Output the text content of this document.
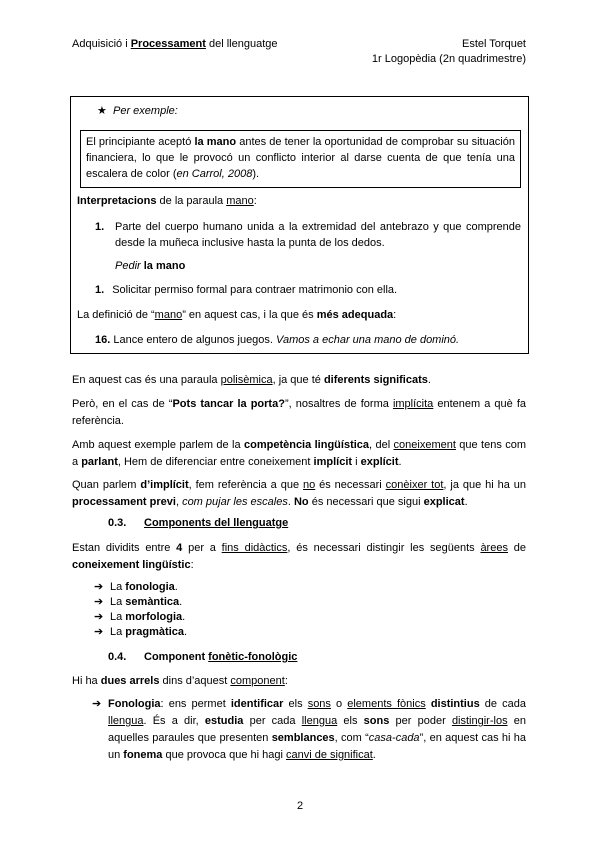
Adquisició i Processament del llenguatge	Estel Torquet
1r Logopèdia (2n quadrimestre)
★ Per exemple:
El principiante aceptó la mano antes de tener la oportunidad de comprobar su situación financiera, lo que le provocó un conflicto interior al darse cuenta de que tenía una escalera de color (en Carrol, 2008).
Interpretacions de la paraula mano:
1. Parte del cuerpo humano unida a la extremidad del antebrazo y que comprende desde la muñeca inclusive hasta la punta de los dedos.
Pedir la mano
1. Solicitar permiso formal para contraer matrimonio con ella.
La definició de “mano” en aquest cas, i la que és més adequada:
16. Lance entero de algunos juegos. Vamos a echar una mano de dominó.
En aquest cas és una paraula polisèmica, ja que té diferents significats.
Però, en el cas de “Pots tancar la porta?”, nosaltres de forma implícita entenem a què fa referència.
Amb aquest exemple parlem de la competència lingüística, del coneixement que tens com a parlant, Hem de diferenciar entre coneixement implícit i explícit.
Quan parlem d’implícit, fem referència a que no és necessari conèixer tot, ja que hi ha un processament previ, com pujar les escales. No és necessari que sigui explicat.
0.3. Components del llenguatge
Estan dividits entre 4 per a fins didàctics, és necessari distingir les següents àrees de coneixement lingüístic:
➔ La fonologia.
➔ La semàntica.
➔ La morfologia.
➔ La pragmàtica.
0.4. Component fonètic-fonològic
Hi ha dues arrels dins d’aquest component:
➔ Fonologia: ens permet identificar els sons o elements fònics distintius de cada llengua. És a dir, estudia per cada llengua els sons per poder distingir-los en aquelles paraules que presenten semblances, com “casa-cada”, en aquest cas hi ha un fonema que provoca que hi hagi canvi de significat.
2
